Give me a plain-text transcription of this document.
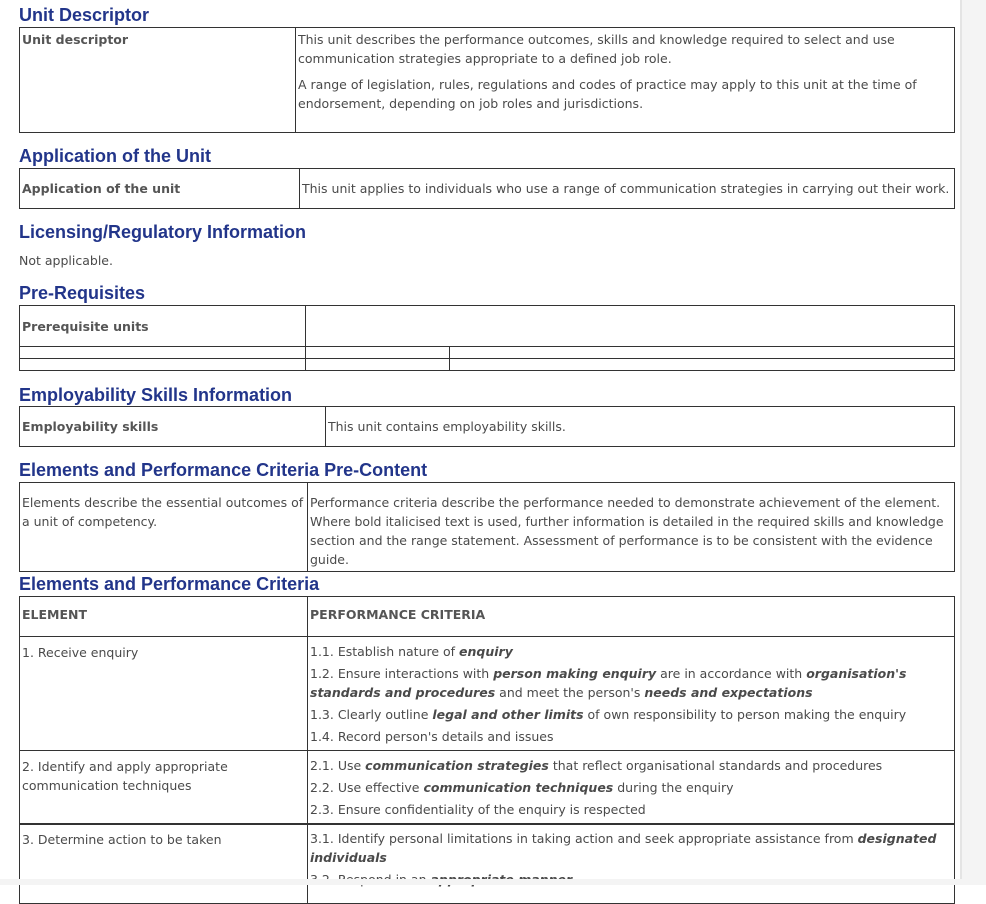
Unit Descriptor
Unit descriptor	This unit describes the performance outcomes, skills and knowledge required to select and use communication strategies appropriate to a defined job role.

A range of legislation, rules, regulations and codes of practice may apply to this unit at the time of endorsement, depending on job roles and jurisdictions.

Application of the Unit
Application of the unit	This unit applies to individuals who use a range of communication strategies in carrying out their work.
Licensing/Regulatory Information

Not applicable.

Pre-Requisites
Prerequisite units		

Employability Skills Information
Employability skills	This unit contains employability skills.
Elements and Performance Criteria Pre-Content
Elements describe the essential outcomes of a unit of competency.	Performance criteria describe the performance needed to demonstrate achievement of the element. Where bold italicised text is used, further information is detailed in the required skills and knowledge section and the range statement. Assessment of performance is to be consistent with the evidence guide.
Elements and Performance Criteria
ELEMENT	PERFORMANCE CRITERIA
1. Receive enquiry	1.1. Establish nature of enquiry

1.2. Ensure interactions with person making enquiry are in accordance with organisation's standards and procedures and meet the person's needs and expectations

1.3. Clearly outline legal and other limits of own responsibility to person making the enquiry

1.4. Record person's details and issues

2. Identify and apply appropriate communication techniques	2.1. Use communication strategies that reflect organisational standards and procedures

2.2. Use effective communication techniques during the enquiry

2.3. Ensure confidentiality of the enquiry is respected

3. Determine action to be taken	3.1. Identify personal limitations in taking action and seek appropriate assistance from designated individuals
